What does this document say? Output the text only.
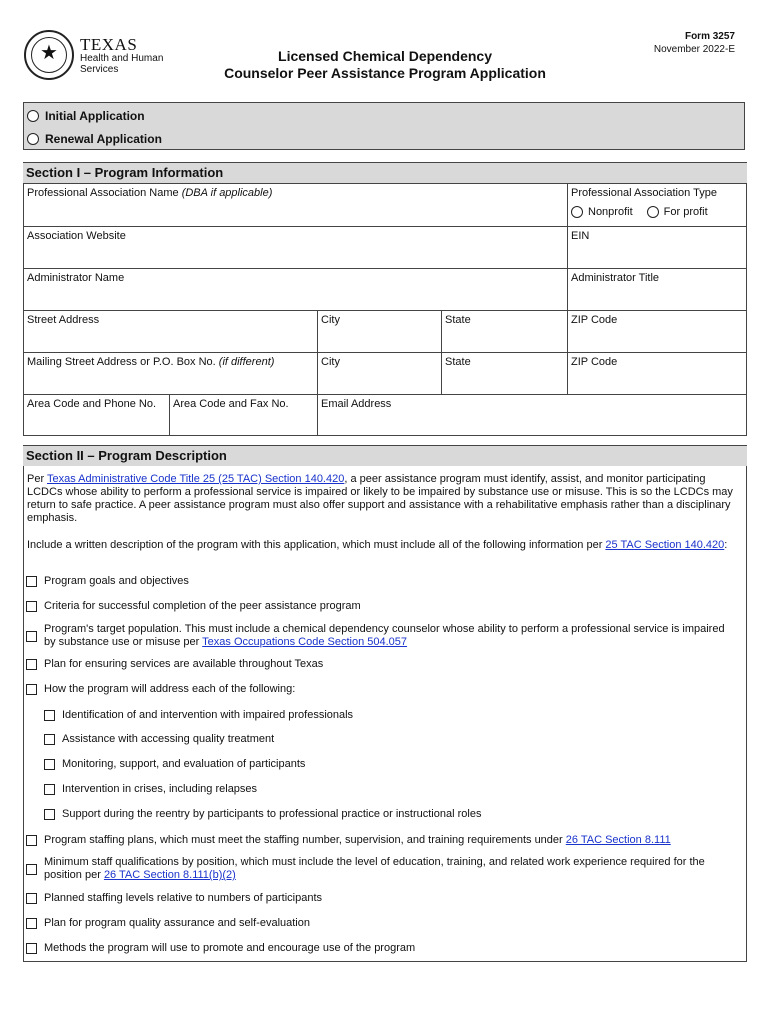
★	TEXAS
Health and Human
Services
Licensed Chemical Dependency
Counselor Peer Assistance Program Application
Form 3257
November 2022-E
Initial Application
Renewal Application
Section I – Program Information
Professional Association Name (DBA if applicable)	Professional Association Type
Nonprofit	For profit
Association Website	EIN
Administrator Name	Administrator Title
Street Address	City	State	ZIP Code
Mailing Street Address or P.O. Box No. (if different)	City	State	ZIP Code
Area Code and Phone No.	Area Code and Fax No.	Email Address
Section II – Program Description
Per Texas Administrative Code Title 25 (25 TAC) Section 140.420, a peer assistance program must identify, assist, and monitor participating LCDCs whose ability to perform a professional service is impaired or likely to be impaired by substance use or misuse. This is so the LCDCs may return to safe practice. A peer assistance program must also offer support and assistance with a rehabilitative emphasis rather than a disciplinary emphasis.
Include a written description of the program with this application, which must include all of the following information per 25 TAC Section 140.420:
Program goals and objectives
Criteria for successful completion of the peer assistance program
Program's target population. This must include a chemical dependency counselor whose ability to perform a professional service is impaired by substance use or misuse per Texas Occupations Code Section 504.057
Plan for ensuring services are available throughout Texas
How the program will address each of the following:
Identification of and intervention with impaired professionals
Assistance with accessing quality treatment
Monitoring, support, and evaluation of participants
Intervention in crises, including relapses
Support during the reentry by participants to professional practice or instructional roles
Program staffing plans, which must meet the staffing number, supervision, and training requirements under 26 TAC Section 8.111
Minimum staff qualifications by position, which must include the level of education, training, and related work experience required for the position per 26 TAC Section 8.111(b)(2)
Planned staffing levels relative to numbers of participants
Plan for program quality assurance and self-evaluation
Methods the program will use to promote and encourage use of the program
